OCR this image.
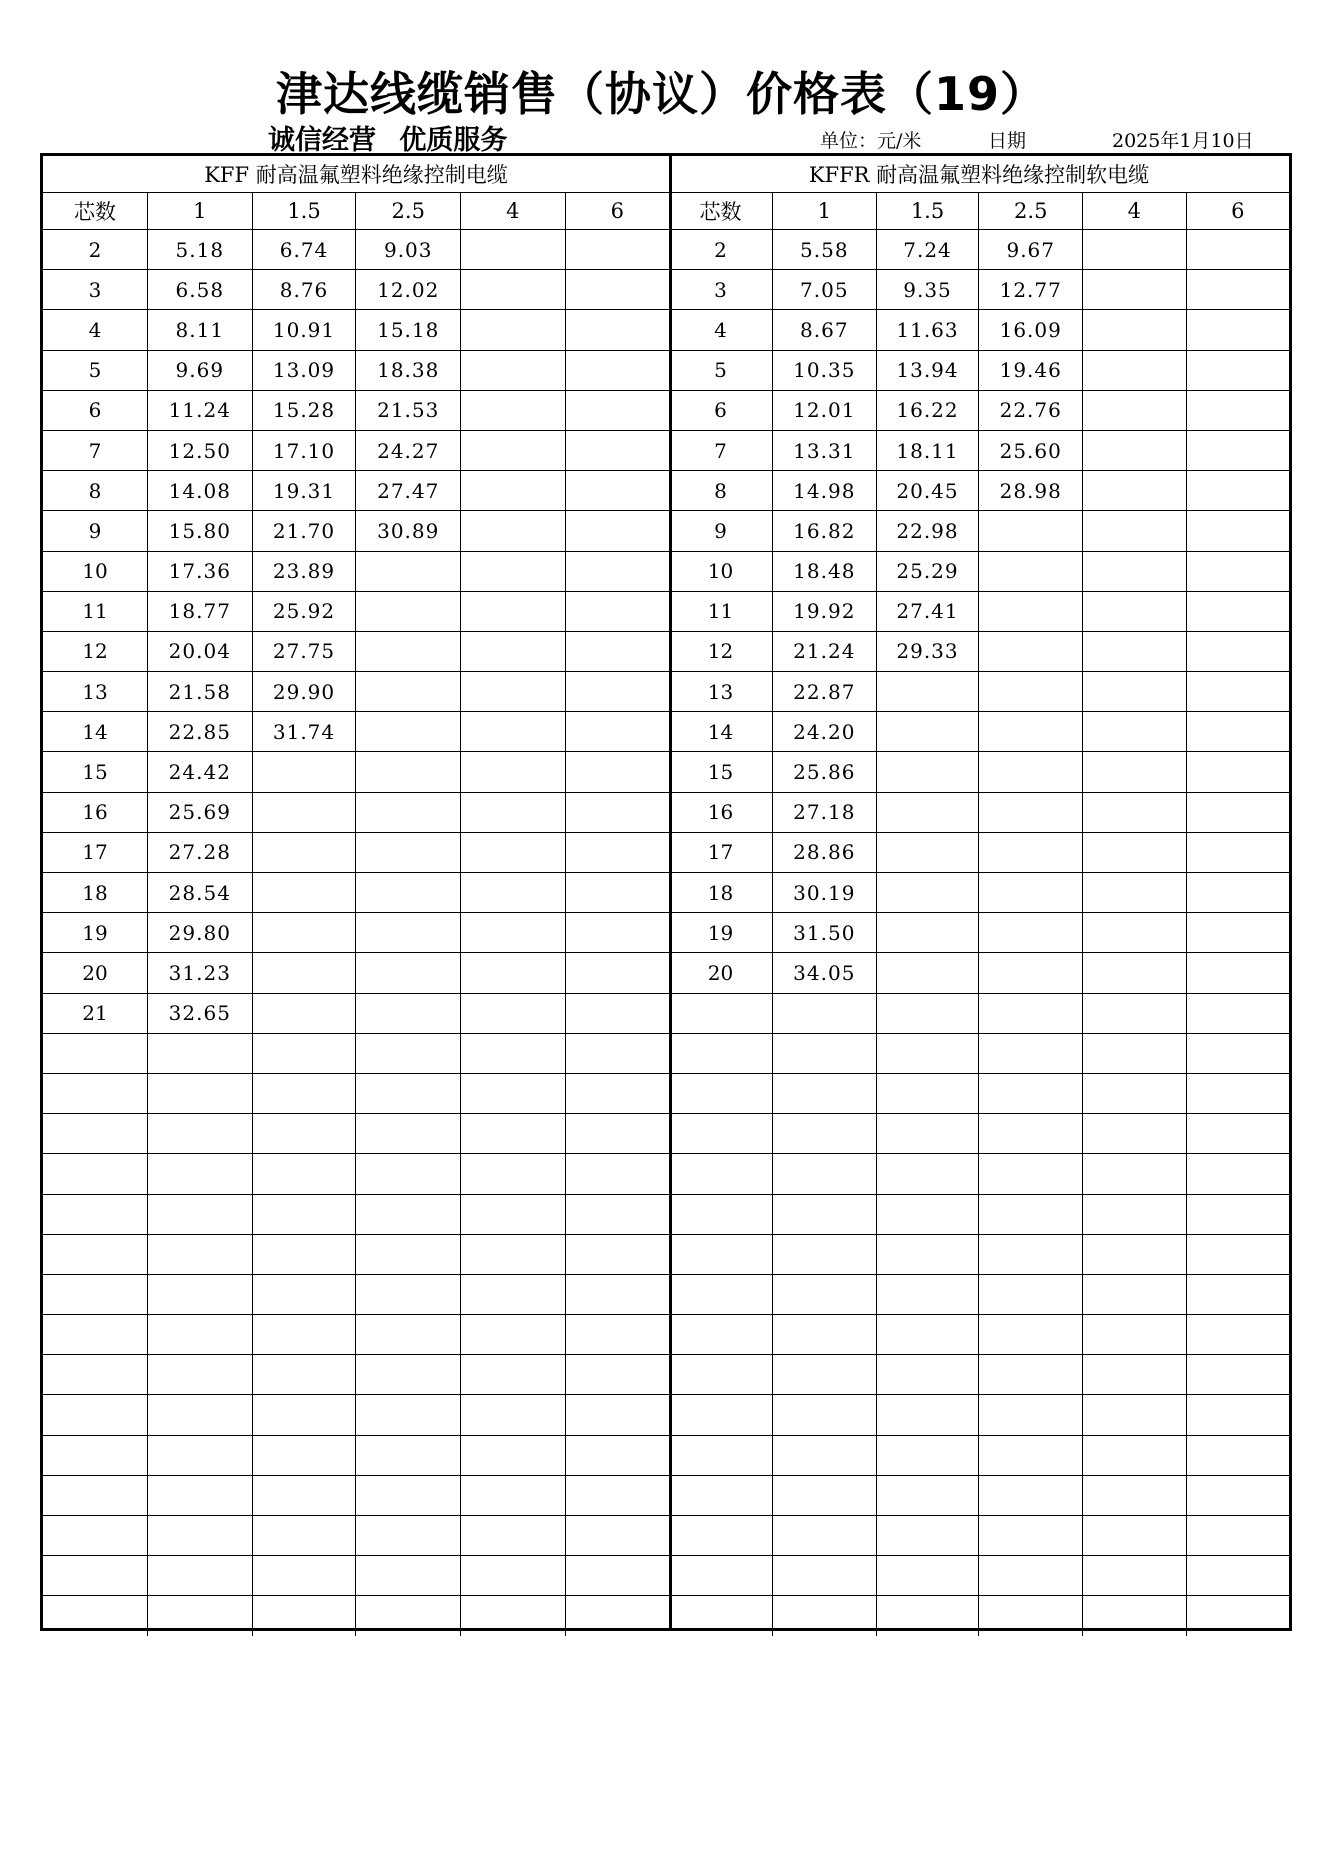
津达线缆销售（协议）价格表（19）
诚信经营 优质服务	单位：元/米	日期	2025年1月10日
KFF 耐高温氟塑料绝缘控制电缆					
芯数	1	1.5	2.5	4	6
2	5.18	6.74	9.03		
3	6.58	8.76	12.02		
4	8.11	10.91	15.18		
5	9.69	13.09	18.38		
6	11.24	15.28	21.53		
7	12.50	17.10	24.27		
8	14.08	19.31	27.47		
9	15.80	21.70	30.89		
10	17.36	23.89			
11	18.77	25.92			
12	20.04	27.75			
13	21.58	29.90			
14	22.85	31.74			
15	24.42				
16	25.69				
17	27.28				
18	28.54				
19	29.80				
20	31.23				
21	32.65				

KFFR 耐高温氟塑料绝缘控制软电缆					
芯数	1	1.5	2.5	4	6
2	5.58	7.24	9.67		
3	7.05	9.35	12.77		
4	8.67	11.63	16.09		
5	10.35	13.94	19.46		
6	12.01	16.22	22.76		
7	13.31	18.11	25.60		
8	14.98	20.45	28.98		
9	16.82	22.98			
10	18.48	25.29			
11	19.92	27.41			
12	21.24	29.33			
13	22.87				
14	24.20				
15	25.86				
16	27.18				
17	28.86				
18	30.19				
19	31.50				
20	34.05				
